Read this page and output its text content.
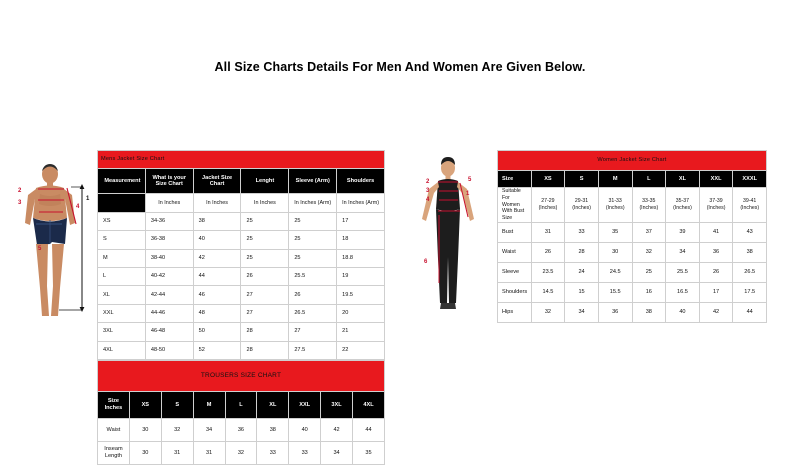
All Size Charts Details For Men And Women Are Given Below.
1
2
3
4
5
Mens Jacket Size Chart					
Measurement	What is your Size Chart	Jacket Size Chart	Lenght	Sleeve (Arm)	Shoulders
	In Inches	In Inches	In Inches	In Inches (Arm)	In Inches (Arm)
XS	34-36	38	25	25	17
S	36-38	40	25	25	18
M	38-40	42	25	25	18.8
L	40-42	44	26	25.5	19
XL	42-44	46	27	26	19.5
XXL	44-46	48	27	26.5	20
3XL	46-48	50	28	27	21
4XL	48-50	52	28	27.5	22

TROUSERS SIZE CHART								
Size Inches	XS	S	M	L	XL	XXL	3XL	4XL
Waist	30	32	34	36	38	40	42	44
Inseam Length	30	31	31	32	33	33	34	35
5
2
3
4
1
6
Women Jacket Size Chart							
Size	XS	S	M	L	XL	XXL	XXXL
Suitable For Women With Bust Size	27-29 (Inches)	29-31 (Inches)	31-33 (Inches)	33-35 (Inches)	35-37 (Inches)	37-39 (Inches)	39-41 (Inches)
Bust	31	33	35	37	39	41	43
Waist	26	28	30	32	34	36	38
Sleeve	23.5	24	24.5	25	25.5	26	26.5
Shoulders	14.5	15	15.5	16	16.5	17	17.5
Hips	32	34	36	38	40	42	44
